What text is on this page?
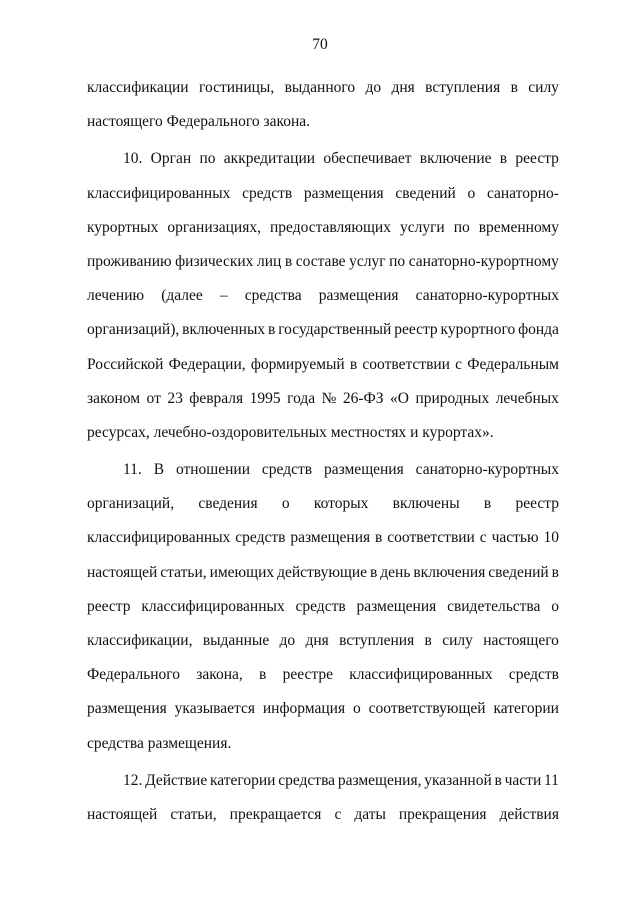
70
классификации гостиницы, выданного до дня вступления в силу
настоящего Федерального закона.
10. Орган по аккредитации обеспечивает включение в реестр
классифицированных средств размещения сведений о санаторно-
курортных организациях, предоставляющих услуги по временному
проживанию физических лиц в составе услуг по санаторно-курортному
лечению (далее – средства размещения санаторно-курортных
организаций), включенных в государственный реестр курортного фонда
Российской Федерации, формируемый в соответствии с Федеральным
законом от 23 февраля 1995 года № 26-ФЗ «О природных лечебных
ресурсах, лечебно-оздоровительных местностях и курортах».
11. В отношении средств размещения санаторно-курортных
организаций, сведения о которых включены в реестр
классифицированных средств размещения в соответствии с частью 10
настоящей статьи, имеющих действующие в день включения сведений в
реестр классифицированных средств размещения свидетельства о
классификации, выданные до дня вступления в силу настоящего
Федерального закона, в реестре классифицированных средств
размещения указывается информация о соответствующей категории
средства размещения.
12. Действие категории средства размещения, указанной в части 11
настоящей статьи, прекращается с даты прекращения действия
